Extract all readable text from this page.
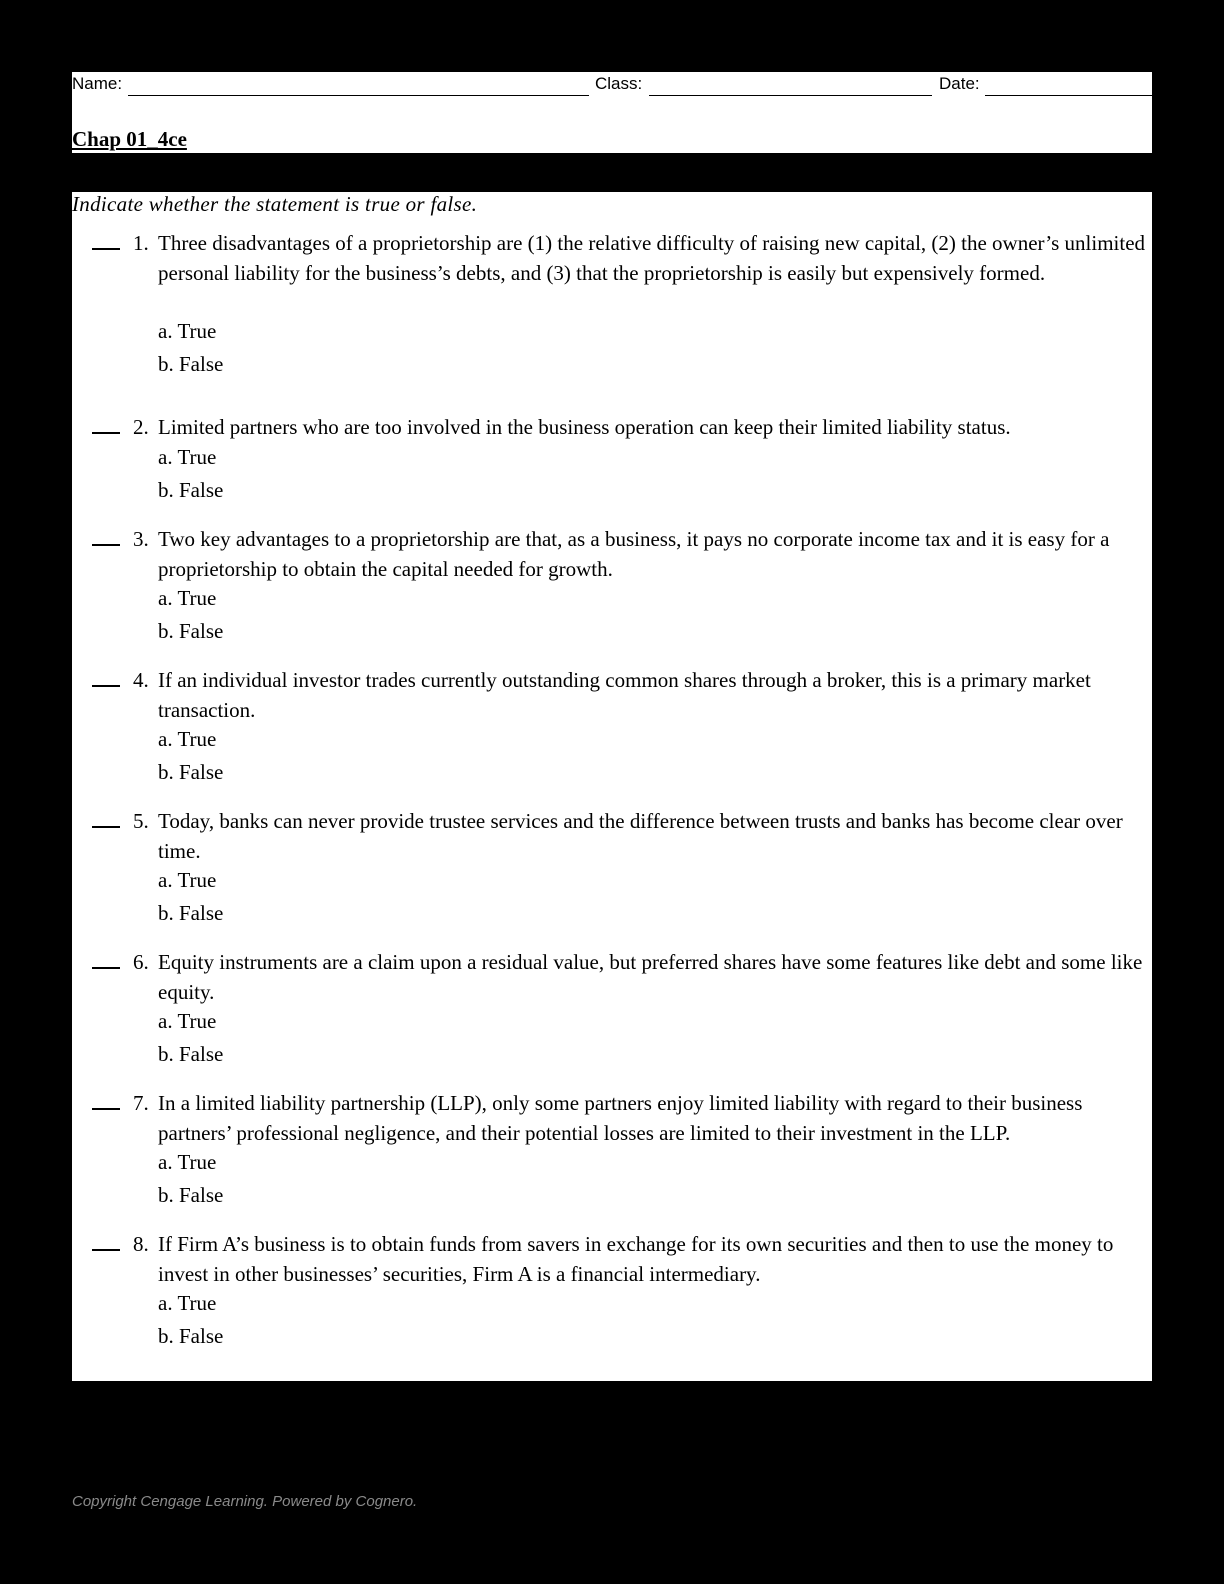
Name:	Class:	Date:
Chap 01_4ce
Indicate whether the statement is true or false.
1. Three disadvantages of a proprietorship are (1) the relative difficulty of raising new capital, (2) the owner’s unlimited personal liability for the business’s debts, and (3) that the proprietorship is easily but expensively formed.
a. True
b. False
2. Limited partners who are too involved in the business operation can keep their limited liability status.
a. True
b. False
3. Two key advantages to a proprietorship are that, as a business, it pays no corporate income tax and it is easy for a proprietorship to obtain the capital needed for growth.
a. True
b. False
4. If an individual investor trades currently outstanding common shares through a broker, this is a primary market transaction.
a. True
b. False
5. Today, banks can never provide trustee services and the difference between trusts and banks has become clear over time.
a. True
b. False
6. Equity instruments are a claim upon a residual value, but preferred shares have some features like debt and some like equity.
a. True
b. False
7. In a limited liability partnership (LLP), only some partners enjoy limited liability with regard to their business partners’ professional negligence, and their potential losses are limited to their investment in the LLP.
a. True
b. False
8. If Firm A’s business is to obtain funds from savers in exchange for its own securities and then to use the money to invest in other businesses’ securities, Firm A is a financial intermediary.
a. True
b. False
Copyright Cengage Learning. Powered by Cognero.
